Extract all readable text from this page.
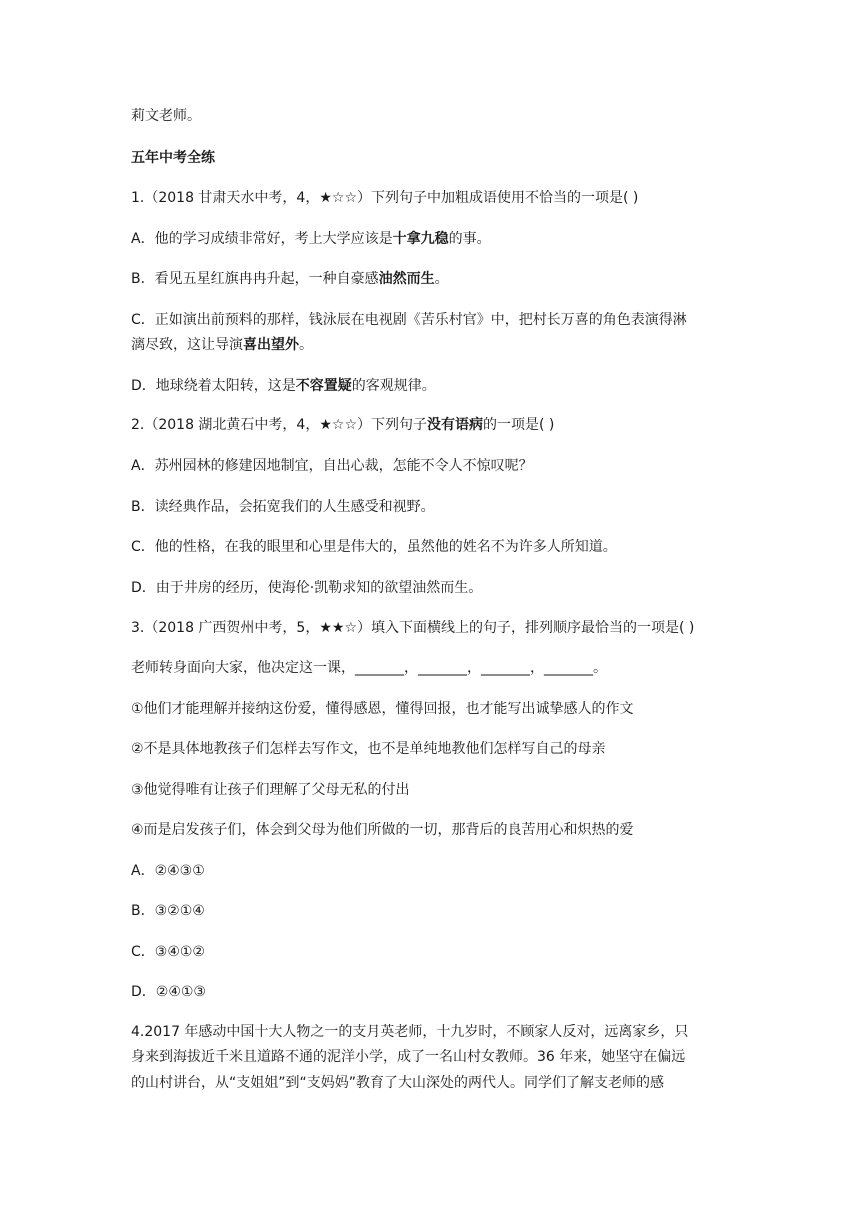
莉文老师。
五年中考全练
1.（2018 甘肃天水中考，4，★☆☆）下列句子中加粗成语使用不恰当的一项是( )
A．他的学习成绩非常好，考上大学应该是十拿九稳的事。
B．看见五星红旗冉冉升起，一种自豪感油然而生。
C．正如演出前预料的那样，钱泳辰在电视剧《苦乐村官》中，把村长万喜的角色表演得淋
漓尽致，这让导演喜出望外。
D．地球绕着太阳转，这是不容置疑的客观规律。
2.（2018 湖北黄石中考，4，★☆☆）下列句子没有语病的一项是( )
A．苏州园林的修建因地制宜，自出心裁，怎能不令人不惊叹呢？
B．读经典作品，会拓宽我们的人生感受和视野。
C．他的性格，在我的眼里和心里是伟大的，虽然他的姓名不为许多人所知道。
D．由于井房的经历，使海伦·凯勒求知的欲望油然而生。
3.（2018 广西贺州中考，5，★★☆）填入下面横线上的句子，排列顺序最恰当的一项是( )
老师转身面向大家，他决定这一课，_______，_______，_______，_______。
①他们才能理解并接纳这份爱，懂得感恩，懂得回报，也才能写出诚挚感人的作文
②不是具体地教孩子们怎样去写作文，也不是单纯地教他们怎样写自己的母亲
③他觉得唯有让孩子们理解了父母无私的付出
④而是启发孩子们，体会到父母为他们所做的一切，那背后的良苦用心和炽热的爱
A．②④③①
B．③②①④
C．③④①②
D．②④①③
4.2017 年感动中国十大人物之一的支月英老师，十九岁时，不顾家人反对，远离家乡，只
身来到海拔近千米且道路不通的泥洋小学，成了一名山村女教师。36 年来，她坚守在偏远
的山村讲台，从“支姐姐”到“支妈妈”教育了大山深处的两代人。同学们了解支老师的感
